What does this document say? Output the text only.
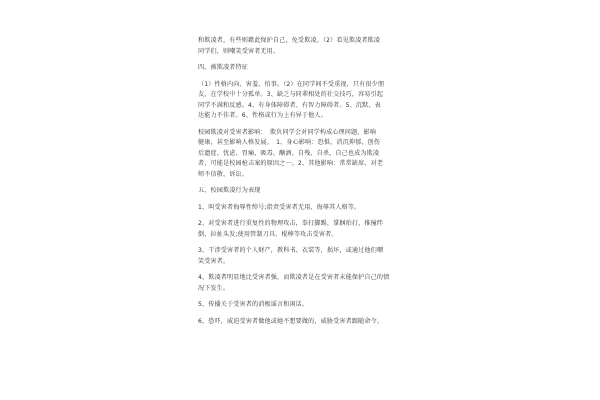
和欺凌者，有些则藉此保护自己，免受欺凌。（2）看见欺凌者欺凌
同学们，则嘲笑受害者无用。
四、被欺凌者特征
（1）性格内向、害羞、怕事。（2）在同学间不受重视，只有很少朋
友，在学校中十分孤单。3、缺乏与同辈相处的社交技巧，容易引起
同学不满和反感。4、有身体障碍者、有智力障碍者。5、沉默、表
达能力不佳者。6、性格或行为上有异于他人。
校园欺凌对受害者影响：　欺负同学会对同学构成心理问题，影响
健康，甚至影响人格发展。　1、身心影响：恐惧、消沉抑郁、创伤
后遗症、忧虑、胃痛、吸毒、酗酒、自残、自杀，自己也成为欺凌
者，可能是校园枪击案的原因之一。2、其他影响：常常缺席、对老
师不信敬、诉讼。
五、校园欺凌行为表现
1、叫受害者侮辱性绰号;指责受害者无用、侮辱其人格等。
2、对受害者进行重复性的物理攻击，拳打脚踢，掌掴拍打，推撞绊
倒、拉扯头发;使用管制刀具、棍棒等攻击受害者。
3、干涉受害者的个人财产，教科书、衣装等，损坏，或通过他们嘲
笑受害者。
4、欺凌者明显地比受害者强，而欺凌者是在受害者未能保护自己的情
况下发生。
5、传播关于受害者的消极谣言和闲话。
6、恐吓，威迫受害者做他或她不想要做的，威胁受害者跟随命令。
